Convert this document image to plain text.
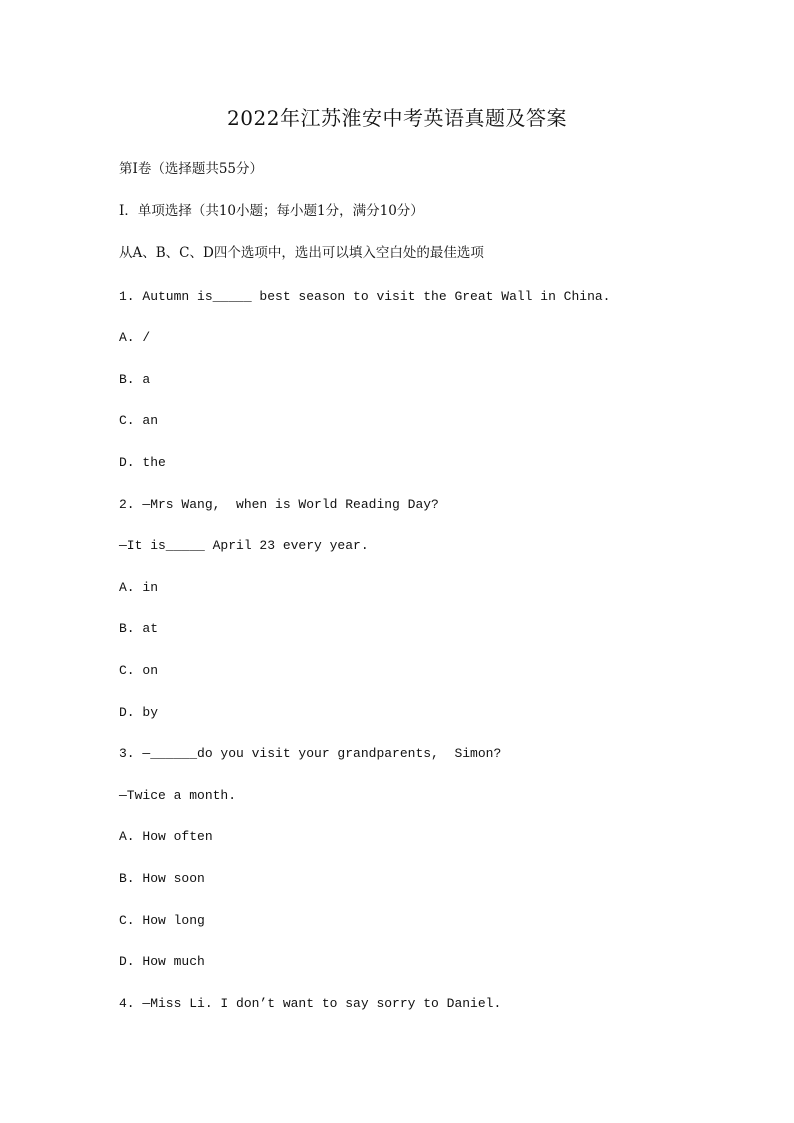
2022年江苏淮安中考英语真题及答案
第Ⅰ卷（选择题共55分）
Ⅰ．单项选择（共10小题；每小题1分，满分10分）
从A、B、C、D四个选项中，选出可以填入空白处的最佳选项
1. Autumn is_____ best season to visit the Great Wall in China.
A. /
B. a
C. an
D. the
2. —Mrs Wang,  when is World Reading Day?
—It is_____ April 23 every year.
A. in
B. at
C. on
D. by
3. —______do you visit your grandparents,  Simon?
—Twice a month.
A. How often
B. How soon
C. How long
D. How much
4. —Miss Li. I don’t want to say sorry to Daniel.
